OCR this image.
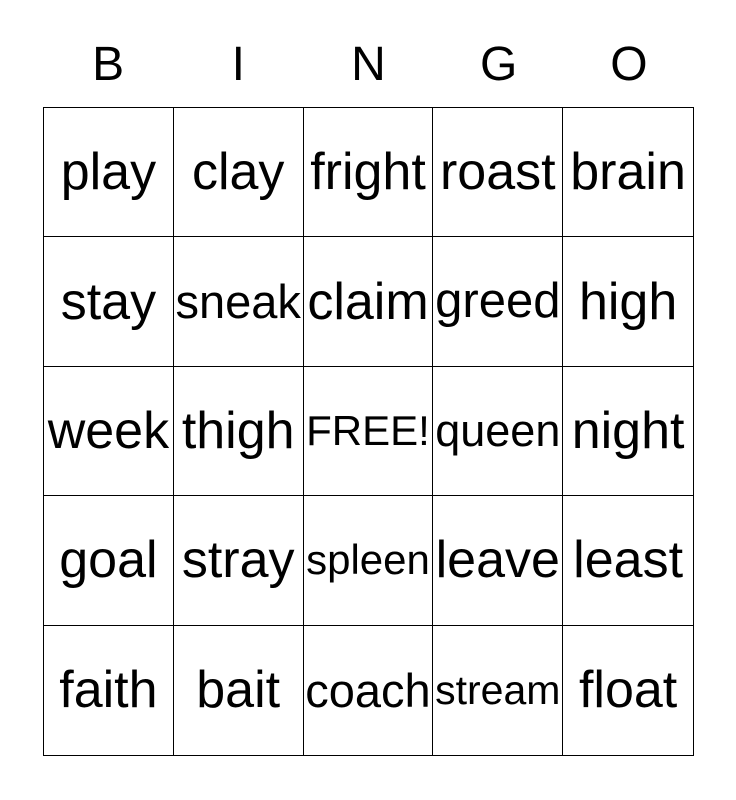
B	I	N	G	O
play clay fright roast brain
stay sneak claim greed high
week thigh FREE! queen night
goal stray spleen leave least
faith bait coach stream float
